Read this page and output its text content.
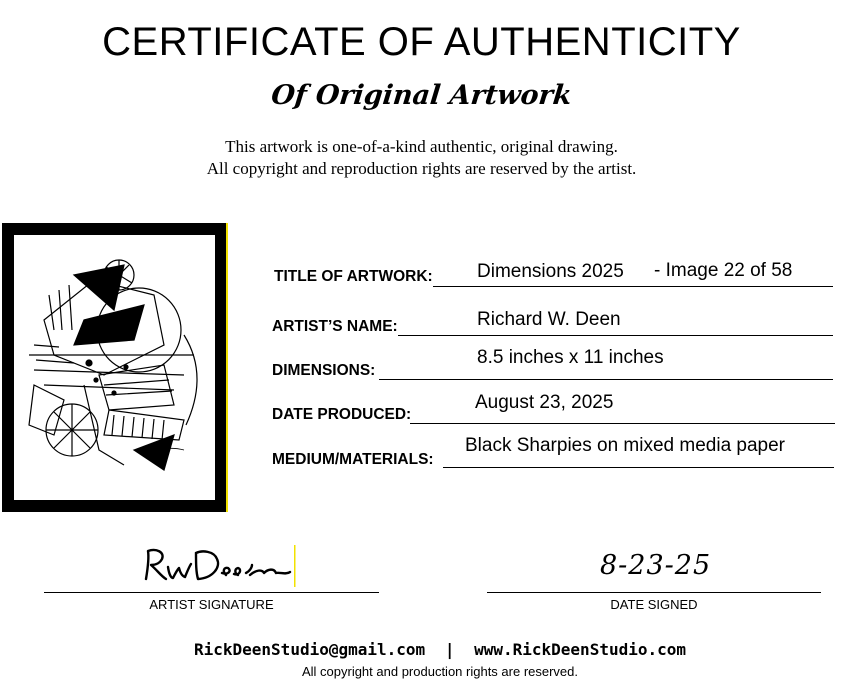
CERTIFICATE OF AUTHENTICITY
Of Original Artwork
This artwork is one-of-a-kind authentic, original drawing.
All copyright and reproduction rights are reserved by the artist.
TITLE OF ARTWORK: Dimensions 2025 - Image 22 of 58
ARTIST’S NAME:	Richard W. Deen
DIMENSIONS:
8.5 inches x 11 inches
DATE PRODUCED:
August 23, 2025
MEDIUM/MATERIALS:
Black Sharpies on mixed media paper
ARTIST SIGNATURE
8-23-25
DATE SIGNED
RickDeenStudio@gmail.com | www.RickDeenStudio.com
All copyright and production rights are reserved.
